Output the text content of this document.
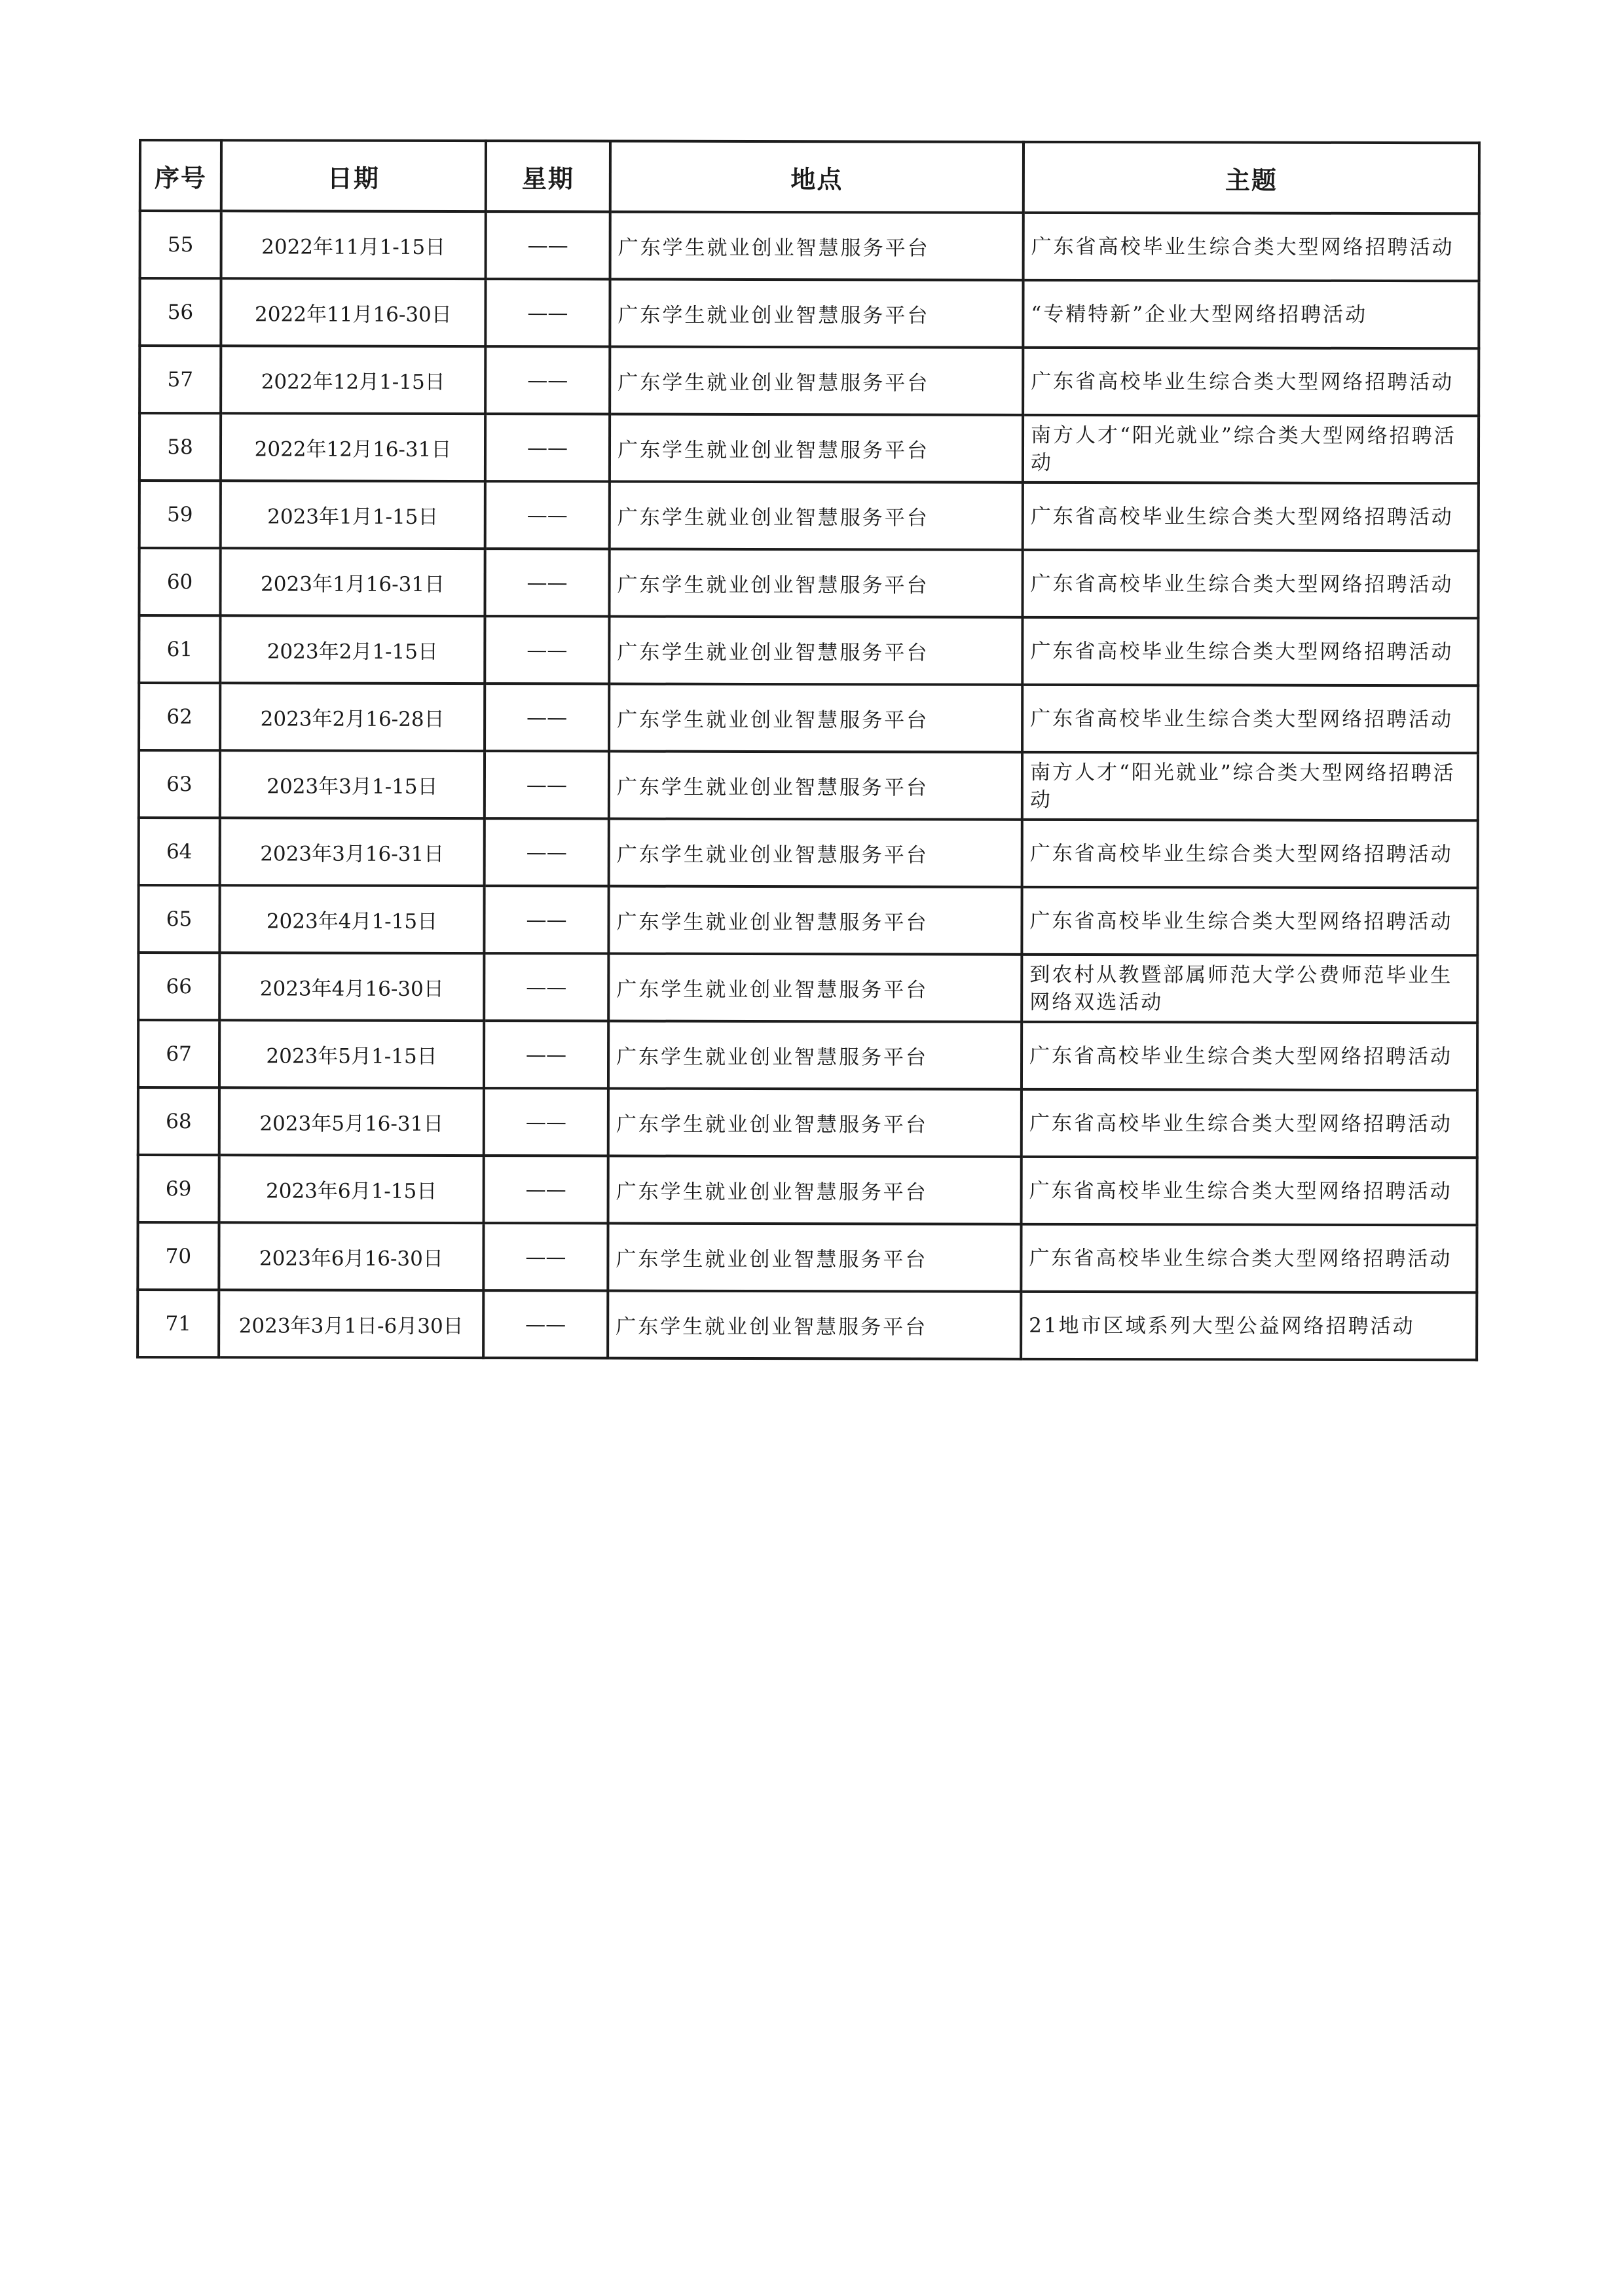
序号	日期	星期	地点	主题
55	2022年11月1-15日	——	广东学生就业创业智慧服务平台	广东省高校毕业生综合类大型网络招聘活动
56	2022年11月16-30日	——	广东学生就业创业智慧服务平台	“专精特新”企业大型网络招聘活动
57	2022年12月1-15日	——	广东学生就业创业智慧服务平台	广东省高校毕业生综合类大型网络招聘活动
58	2022年12月16-31日	——	广东学生就业创业智慧服务平台	南方人才“阳光就业”综合类大型网络招聘活动
59	2023年1月1-15日	——	广东学生就业创业智慧服务平台	广东省高校毕业生综合类大型网络招聘活动
60	2023年1月16-31日	——	广东学生就业创业智慧服务平台	广东省高校毕业生综合类大型网络招聘活动
61	2023年2月1-15日	——	广东学生就业创业智慧服务平台	广东省高校毕业生综合类大型网络招聘活动
62	2023年2月16-28日	——	广东学生就业创业智慧服务平台	广东省高校毕业生综合类大型网络招聘活动
63	2023年3月1-15日	——	广东学生就业创业智慧服务平台	南方人才“阳光就业”综合类大型网络招聘活动
64	2023年3月16-31日	——	广东学生就业创业智慧服务平台	广东省高校毕业生综合类大型网络招聘活动
65	2023年4月1-15日	——	广东学生就业创业智慧服务平台	广东省高校毕业生综合类大型网络招聘活动
66	2023年4月16-30日	——	广东学生就业创业智慧服务平台	到农村从教暨部属师范大学公费师范毕业生网络双选活动
67	2023年5月1-15日	——	广东学生就业创业智慧服务平台	广东省高校毕业生综合类大型网络招聘活动
68	2023年5月16-31日	——	广东学生就业创业智慧服务平台	广东省高校毕业生综合类大型网络招聘活动
69	2023年6月1-15日	——	广东学生就业创业智慧服务平台	广东省高校毕业生综合类大型网络招聘活动
70	2023年6月16-30日	——	广东学生就业创业智慧服务平台	广东省高校毕业生综合类大型网络招聘活动
71	2023年3月1日-6月30日	——	广东学生就业创业智慧服务平台	21地市区域系列大型公益网络招聘活动
